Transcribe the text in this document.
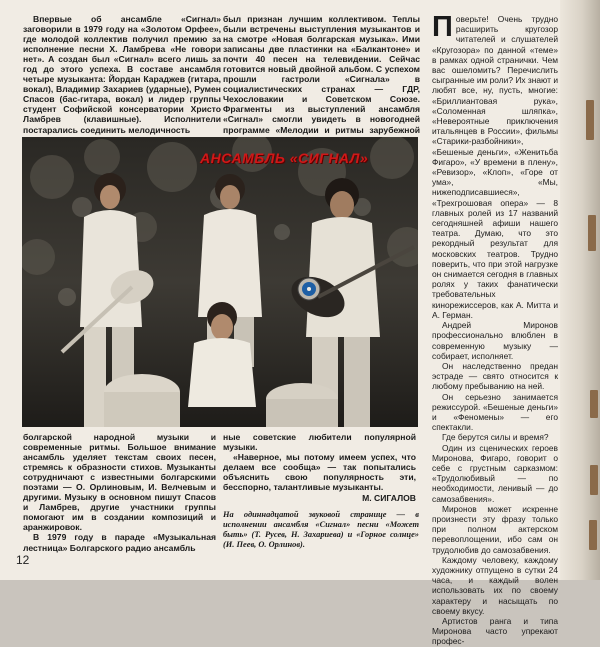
Впервые об ансамбле «Сигнал» заговорили в 1979 году на «Золотом Орфее», где молодой коллектив получил премию за исполнение песни Х. Ламбрева «Не говори нет». А создан был «Сигнал» всего лишь за год до этого успеха. В составе ансамбля четыре музыканта: Йордан Караджев (гитара, вокал), Владимир Захариев (ударные), Румен Спасов (бас-гитара, вокал) и лидер группы студент Софийской консерватории Христо Ламбрев (клавишные). Исполнители постарались соединить мелодичность

был признан лучшим коллективом. Теплы были встречены выступления музыкантов и на смотре «Новая болгарская музыка». Ими записаны две пластинки на «Балкантоне» и почти 40 песен на телевидении. Сейчас готовится новый двойной альбом. С успехом прошли гастроли «Сигнала» в социалистических странах — ГДР, Чехословакии и Советском Союзе. Фрагменты из выступлений ансамбля «Сигнал» смогли увидеть в новогодней программе «Мелодии и ритмы зарубежной

АНСАМБЛЬ «СИГНАЛ»

болгарской народной музыки и современные ритмы. Большое внимание ансамбль уделяет текстам своих песен, стремясь к образности стихов. Музыканты сотрудничают с известными болгарскими поэтами — О. Орлиновым, И. Велчевым и другими. Музыку в основном пишут Спасов и Ламбрев, другие участники группы помогают им в создании композиций и аранжировок.

В 1979 году в параде «Музыкальная лестница» Болгарского радио ансамбль

ные советские любители популярной музыки.

«Наверное, мы потому имеем успех, что делаем все сообща» — так попытались объяснить свою популярность эти, бесспорно, талантливые музыканты.

М. СИГАЛОВ
На одиннадцатой звуковой странице — в исполнении ансамбля «Сигнал» песни «Может быть» (Т. Русев, Н. Захариева) и «Горное солнце» (И. Пеев, О. Орлинов).
П оверьте! Очень трудно расширить кругозор читателей и слушателей «Кругозора» по данной «теме» в рамках одной странички. Чем вас ошеломить? Перечислить сыгранные им роли? Их знают и любят все, ну, пусть, многие: «Бриллиантовая рука», «Соломенная шляпка», «Невероятные приключения итальянцев в России», фильмы «Старики-разбойники», «Бешеные деньги», «Женитьба Фигаро», «У времени в плену», «Ревизор», «Клоп», «Горе от ума», «Мы, нижеподписавшиеся», «Трехгрошовая опера» — 8 главных ролей из 17 названий сегодняшней афиши нашего театра. Думаю, что это рекордный результат для московских театров. Трудно поверить, что при этой нагрузке он снимается сегодня в главных ролях у таких фанатически требовательных кинорежиссеров, как А. Митта и А. Герман.

Андрей Миронов профессионально влюблен в современную музыку — собирает, исполняет.

Он наследственно предан эстраде — свято относится к любому пребыванию на ней.

Он серьезно занимается режиссурой. «Бешеные деньги» и «Феномены» — его спектакли.

Где берутся силы и время?

Один из сценических героев Миронова, Фигаро, говорит о себе с грустным сарказмом: «Трудолюбивый — по необходимости, ленивый — до самозабвения».

Миронов может искренне произнести эту фразу только при полном актерском перевоплощении, ибо сам он трудолюбив до самозабвения.

Каждому человеку, каждому художнику отпущено в сутки 24 часа, и каждый волен использовать их по своему характеру и насыщать по своему вкусу.

Артистов ранга и типа Миронова часто упрекают профес-

12
